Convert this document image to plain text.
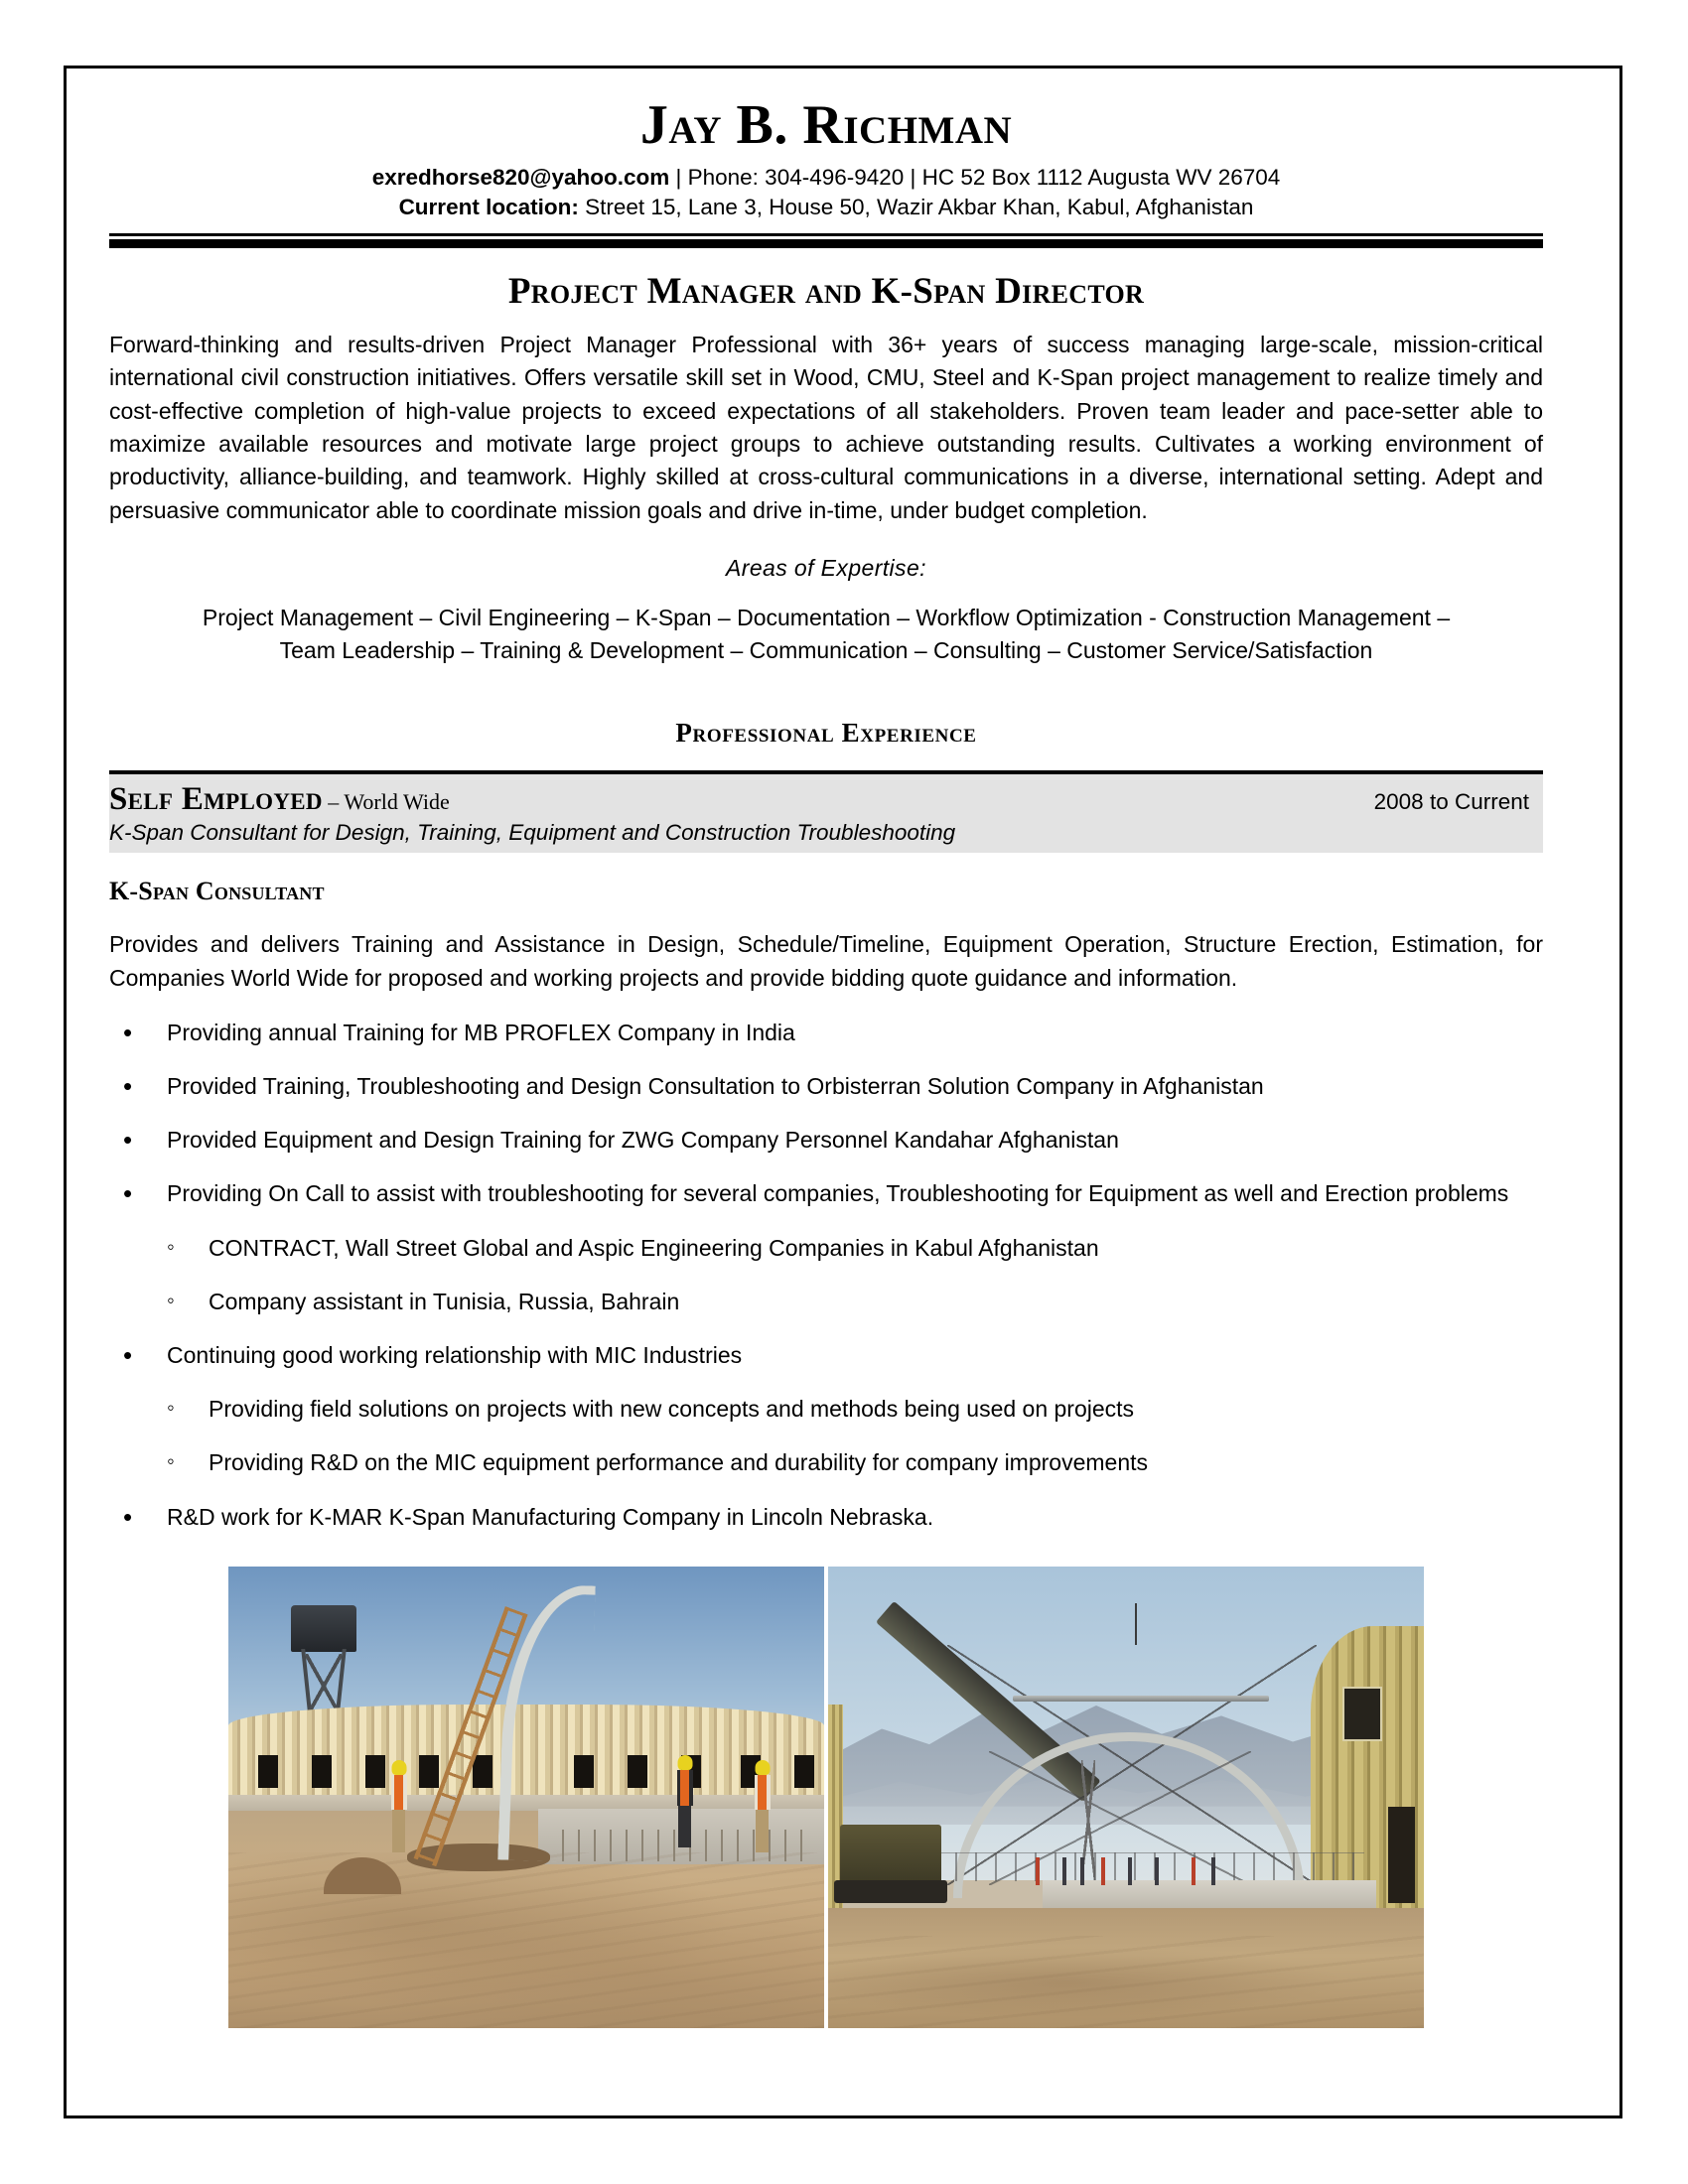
Jay B. Richman
exredhorse820@yahoo.com | Phone: 304-496-9420 | HC 52 Box 1112 Augusta WV 26704
Current location: Street 15, Lane 3, House 50, Wazir Akbar Khan, Kabul, Afghanistan
Project Manager and K-Span Director

Forward-thinking and results-driven Project Manager Professional with 36+ years of success managing large-scale, mission-critical international civil construction initiatives. Offers versatile skill set in Wood, CMU, Steel and K-Span project management to realize timely and cost-effective completion of high-value projects to exceed expectations of all stakeholders. Proven team leader and pace-setter able to maximize available resources and motivate large project groups to achieve outstanding results. Cultivates a working environment of productivity, alliance-building, and teamwork. Highly skilled at cross-cultural communications in a diverse, international setting. Adept and persuasive communicator able to coordinate mission goals and drive in-time, under budget completion.

Areas of Expertise:
Project Management – Civil Engineering – K-Span – Documentation – Workflow Optimization - Construction Management –
Team Leadership – Training & Development – Communication – Consulting – Customer Service/Satisfaction
Professional Experience
Self Employed – World Wide	2008 to Current
K-Span Consultant for Design, Training, Equipment and Construction Troubleshooting
K-Span Consultant

Provides and delivers Training and Assistance in Design, Schedule/Timeline, Equipment Operation, Structure Erection, Estimation, for Companies World Wide for proposed and working projects and provide bidding quote guidance and information.

• Providing annual Training for MB PROFLEX Company in India
• Provided Training, Troubleshooting and Design Consultation to Orbisterran Solution Company in Afghanistan
• Provided Equipment and Design Training for ZWG Company Personnel Kandahar Afghanistan
• Providing On Call to assist with troubleshooting for several companies, Troubleshooting for Equipment as well and Erection problems
◦ CONTRACT, Wall Street Global and Aspic Engineering Companies in Kabul Afghanistan
◦ Company assistant in Tunisia, Russia, Bahrain
• Continuing good working relationship with MIC Industries
◦ Providing field solutions on projects with new concepts and methods being used on projects
◦ Providing R&D on the MIC equipment performance and durability for company improvements
• R&D work for K-MAR K-Span Manufacturing Company in Lincoln Nebraska.
